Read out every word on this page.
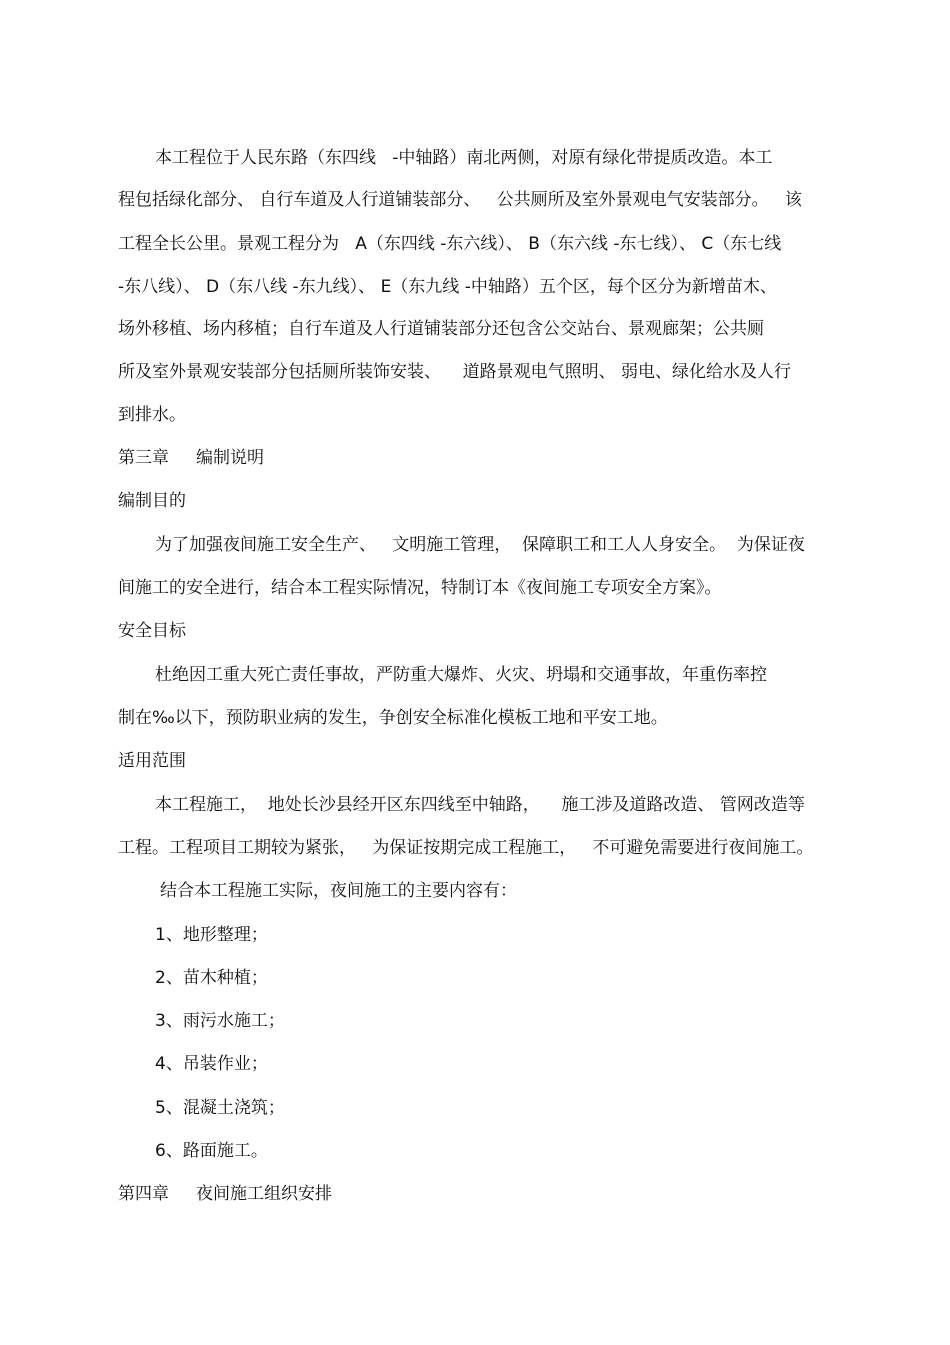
本工程位于人民东路（东四线   -中轴路）南北两侧，对原有绿化带提质改造。本工
程包括绿化部分、 自行车道及人行道铺装部分、   公共厕所及室外景观电气安装部分。   该
工程全长公里。景观工程分为   A（东四线 -东六线）、 B（东六线 -东七线）、 C（东七线
-东八线）、 D（东八线 -东九线）、 E（东九线 -中轴路）五个区，每个区分为新增苗木、
场外移植、场内移植；自行车道及人行道铺装部分还包含公交站台、景观廊架；公共厕
所及室外景观安装部分包括厕所装饰安装、    道路景观电气照明、 弱电、绿化给水及人行
到排水。
第三章     编制说明
编制目的
为了加强夜间施工安全生产、   文明施工管理，  保障职工和工人人身安全。  为保证夜
间施工的安全进行，结合本工程实际情况，特制订本《夜间施工专项安全方案》。
安全目标
杜绝因工重大死亡责任事故，严防重大爆炸、火灾、坍塌和交通事故，年重伤率控
制在‰以下，预防职业病的发生，争创安全标准化模板工地和平安工地。
适用范围
本工程施工，  地处长沙县经开区东四线至中轴路，    施工涉及道路改造、 管网改造等
工程。工程项目工期较为紧张，   为保证按期完成工程施工，   不可避免需要进行夜间施工。
结合本工程施工实际，夜间施工的主要内容有：
1、地形整理；
2、苗木种植；
3、雨污水施工；
4、吊装作业；
5、混凝土浇筑；
6、路面施工。
第四章     夜间施工组织安排
